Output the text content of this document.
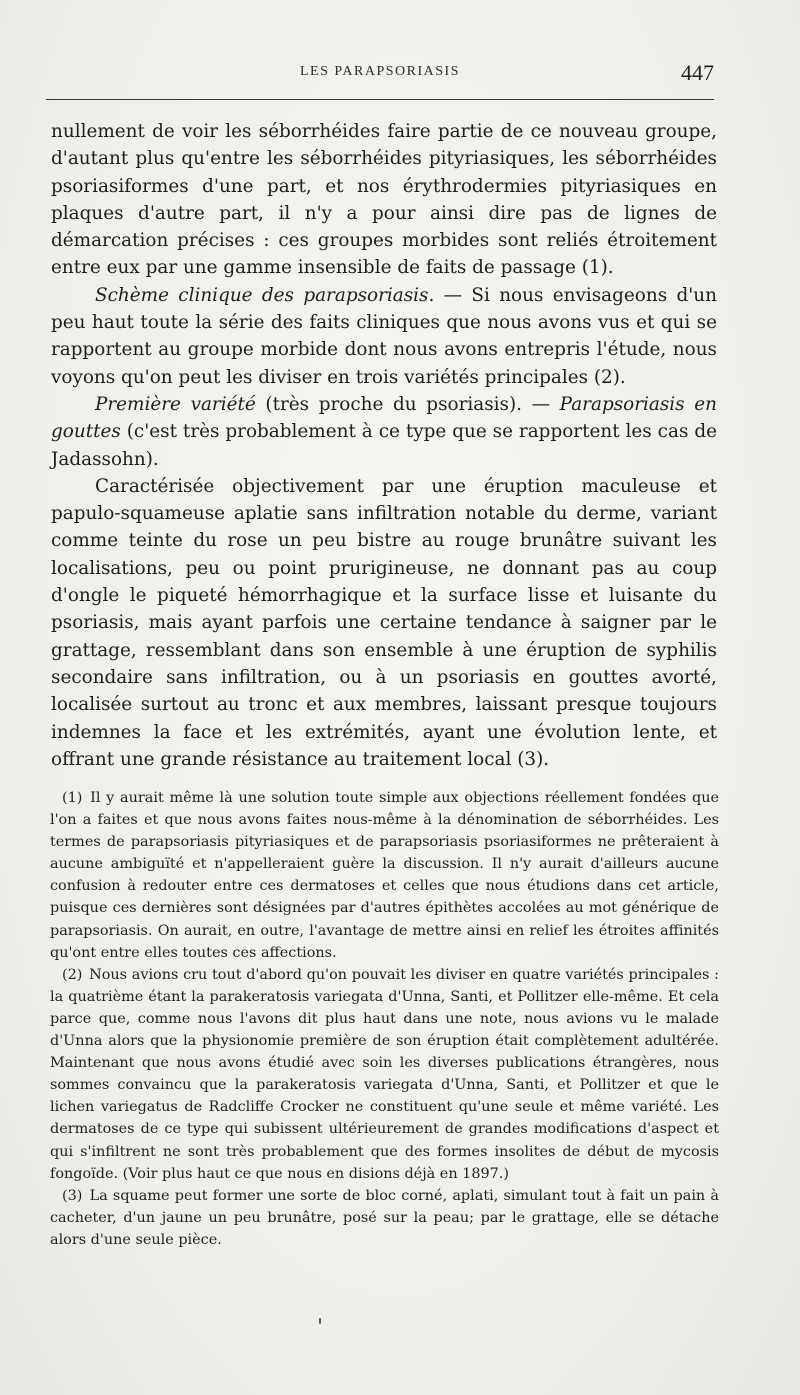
LES PARAPSORIASIS	447

nullement de voir les séborrhéides faire partie de ce nouveau groupe, d'autant plus qu'entre les séborrhéides pityriasiques, les séborrhéides psoriasiformes d'une part, et nos érythrodermies pityriasiques en plaques d'autre part, il n'y a pour ainsi dire pas de lignes de démarcation précises : ces groupes morbides sont reliés étroitement entre eux par une gamme insensible de faits de passage (1).

Schème clinique des parapsoriasis. — Si nous envisageons d'un peu haut toute la série des faits cliniques que nous avons vus et qui se rapportent au groupe morbide dont nous avons entrepris l'étude, nous voyons qu'on peut les diviser en trois variétés principales (2).

Première variété (très proche du psoriasis). — Parapsoriasis en gouttes (c'est très probablement à ce type que se rapportent les cas de Jadassohn).

Caractérisée objectivement par une éruption maculeuse et papulo-squameuse aplatie sans infiltration notable du derme, variant comme teinte du rose un peu bistre au rouge brunâtre suivant les localisations, peu ou point prurigineuse, ne donnant pas au coup d'ongle le piqueté hémorrhagique et la surface lisse et luisante du psoriasis, mais ayant parfois une certaine tendance à saigner par le grattage, ressemblant dans son ensemble à une éruption de syphilis secondaire sans infiltration, ou à un psoriasis en gouttes avorté, localisée surtout au tronc et aux membres, laissant presque toujours indemnes la face et les extrémités, ayant une évolution lente, et offrant une grande résistance au traitement local (3).

(1) Il y aurait même là une solution toute simple aux objections réellement fondées que l'on a faites et que nous avons faites nous-même à la dénomination de séborrhéides. Les termes de parapsoriasis pityriasiques et de parapsoriasis psoriasiformes ne prêteraient à aucune ambiguïté et n'appelleraient guère la discussion. Il n'y aurait d'ailleurs aucune confusion à redouter entre ces dermatoses et celles que nous étudions dans cet article, puisque ces dernières sont désignées par d'autres épithètes accolées au mot générique de parapsoriasis. On aurait, en outre, l'avantage de mettre ainsi en relief les étroites affinités qu'ont entre elles toutes ces affections.

(2) Nous avions cru tout d'abord qu'on pouvait les diviser en quatre variétés principales : la quatrième étant la parakeratosis variegata d'Unna, Santi, et Pollitzer elle-même. Et cela parce que, comme nous l'avons dit plus haut dans une note, nous avions vu le malade d'Unna alors que la physionomie première de son éruption était complètement adultérée. Maintenant que nous avons étudié avec soin les diverses publications étrangères, nous sommes convaincu que la parakeratosis variegata d'Unna, Santi, et Pollitzer et que le lichen variegatus de Radcliffe Crocker ne constituent qu'une seule et même variété. Les dermatoses de ce type qui subissent ultérieurement de grandes modifications d'aspect et qui s'infiltrent ne sont très probablement que des formes insolites de début de mycosis fongoïde. (Voir plus haut ce que nous en disions déjà en 1897.)

(3) La squame peut former une sorte de bloc corné, aplati, simulant tout à fait un pain à cacheter, d'un jaune un peu brunâtre, posé sur la peau; par le grattage, elle se détache alors d'une seule pièce.
